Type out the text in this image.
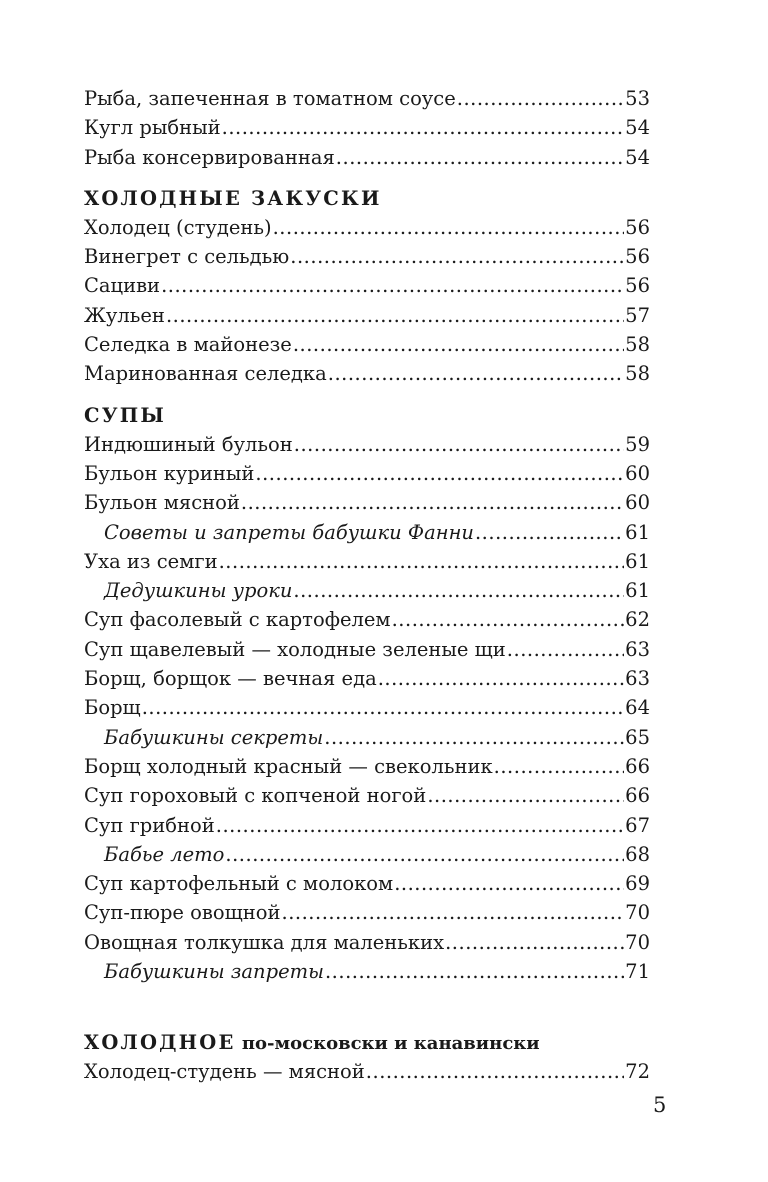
Рыба, запеченная в томатном соусе .....	53
Кугл рыбный .....	54
Рыба консервированная .....	54
ХОЛОДНЫЕ ЗАКУСКИ
Холодец (студень) .....	56
Винегрет с сельдью .....	56
Сациви .....	56
Жульен .....	57
Селедка в майонезе .....	58
Маринованная селедка .....	58
СУПЫ
Индюшиный бульон .....	59
Бульон куриный .....	60
Бульон мясной .....	60
Советы и запреты бабушки Фанни .....	61
Уха из семги .....	61
Дедушкины уроки .....	61
Суп фасолевый с картофелем .....	62
Суп щавелевый — холодные зеленые щи .....	63
Борщ, борщок — вечная еда .....	63
Борщ .....	64
Бабушкины секреты .....	65
Борщ холодный красный — свекольник .....	66
Суп гороховый с копченой ногой .....	66
Суп грибной .....	67
Бабье лето .....	68
Суп картофельный с молоком .....	69
Суп-пюре овощной .....	70
Овощная толкушка для маленьких .....	70
Бабушкины запреты .....	71
ХОЛОДНОЕ по-московски и канавински
Холодец-студень — мясной .....	72
5
